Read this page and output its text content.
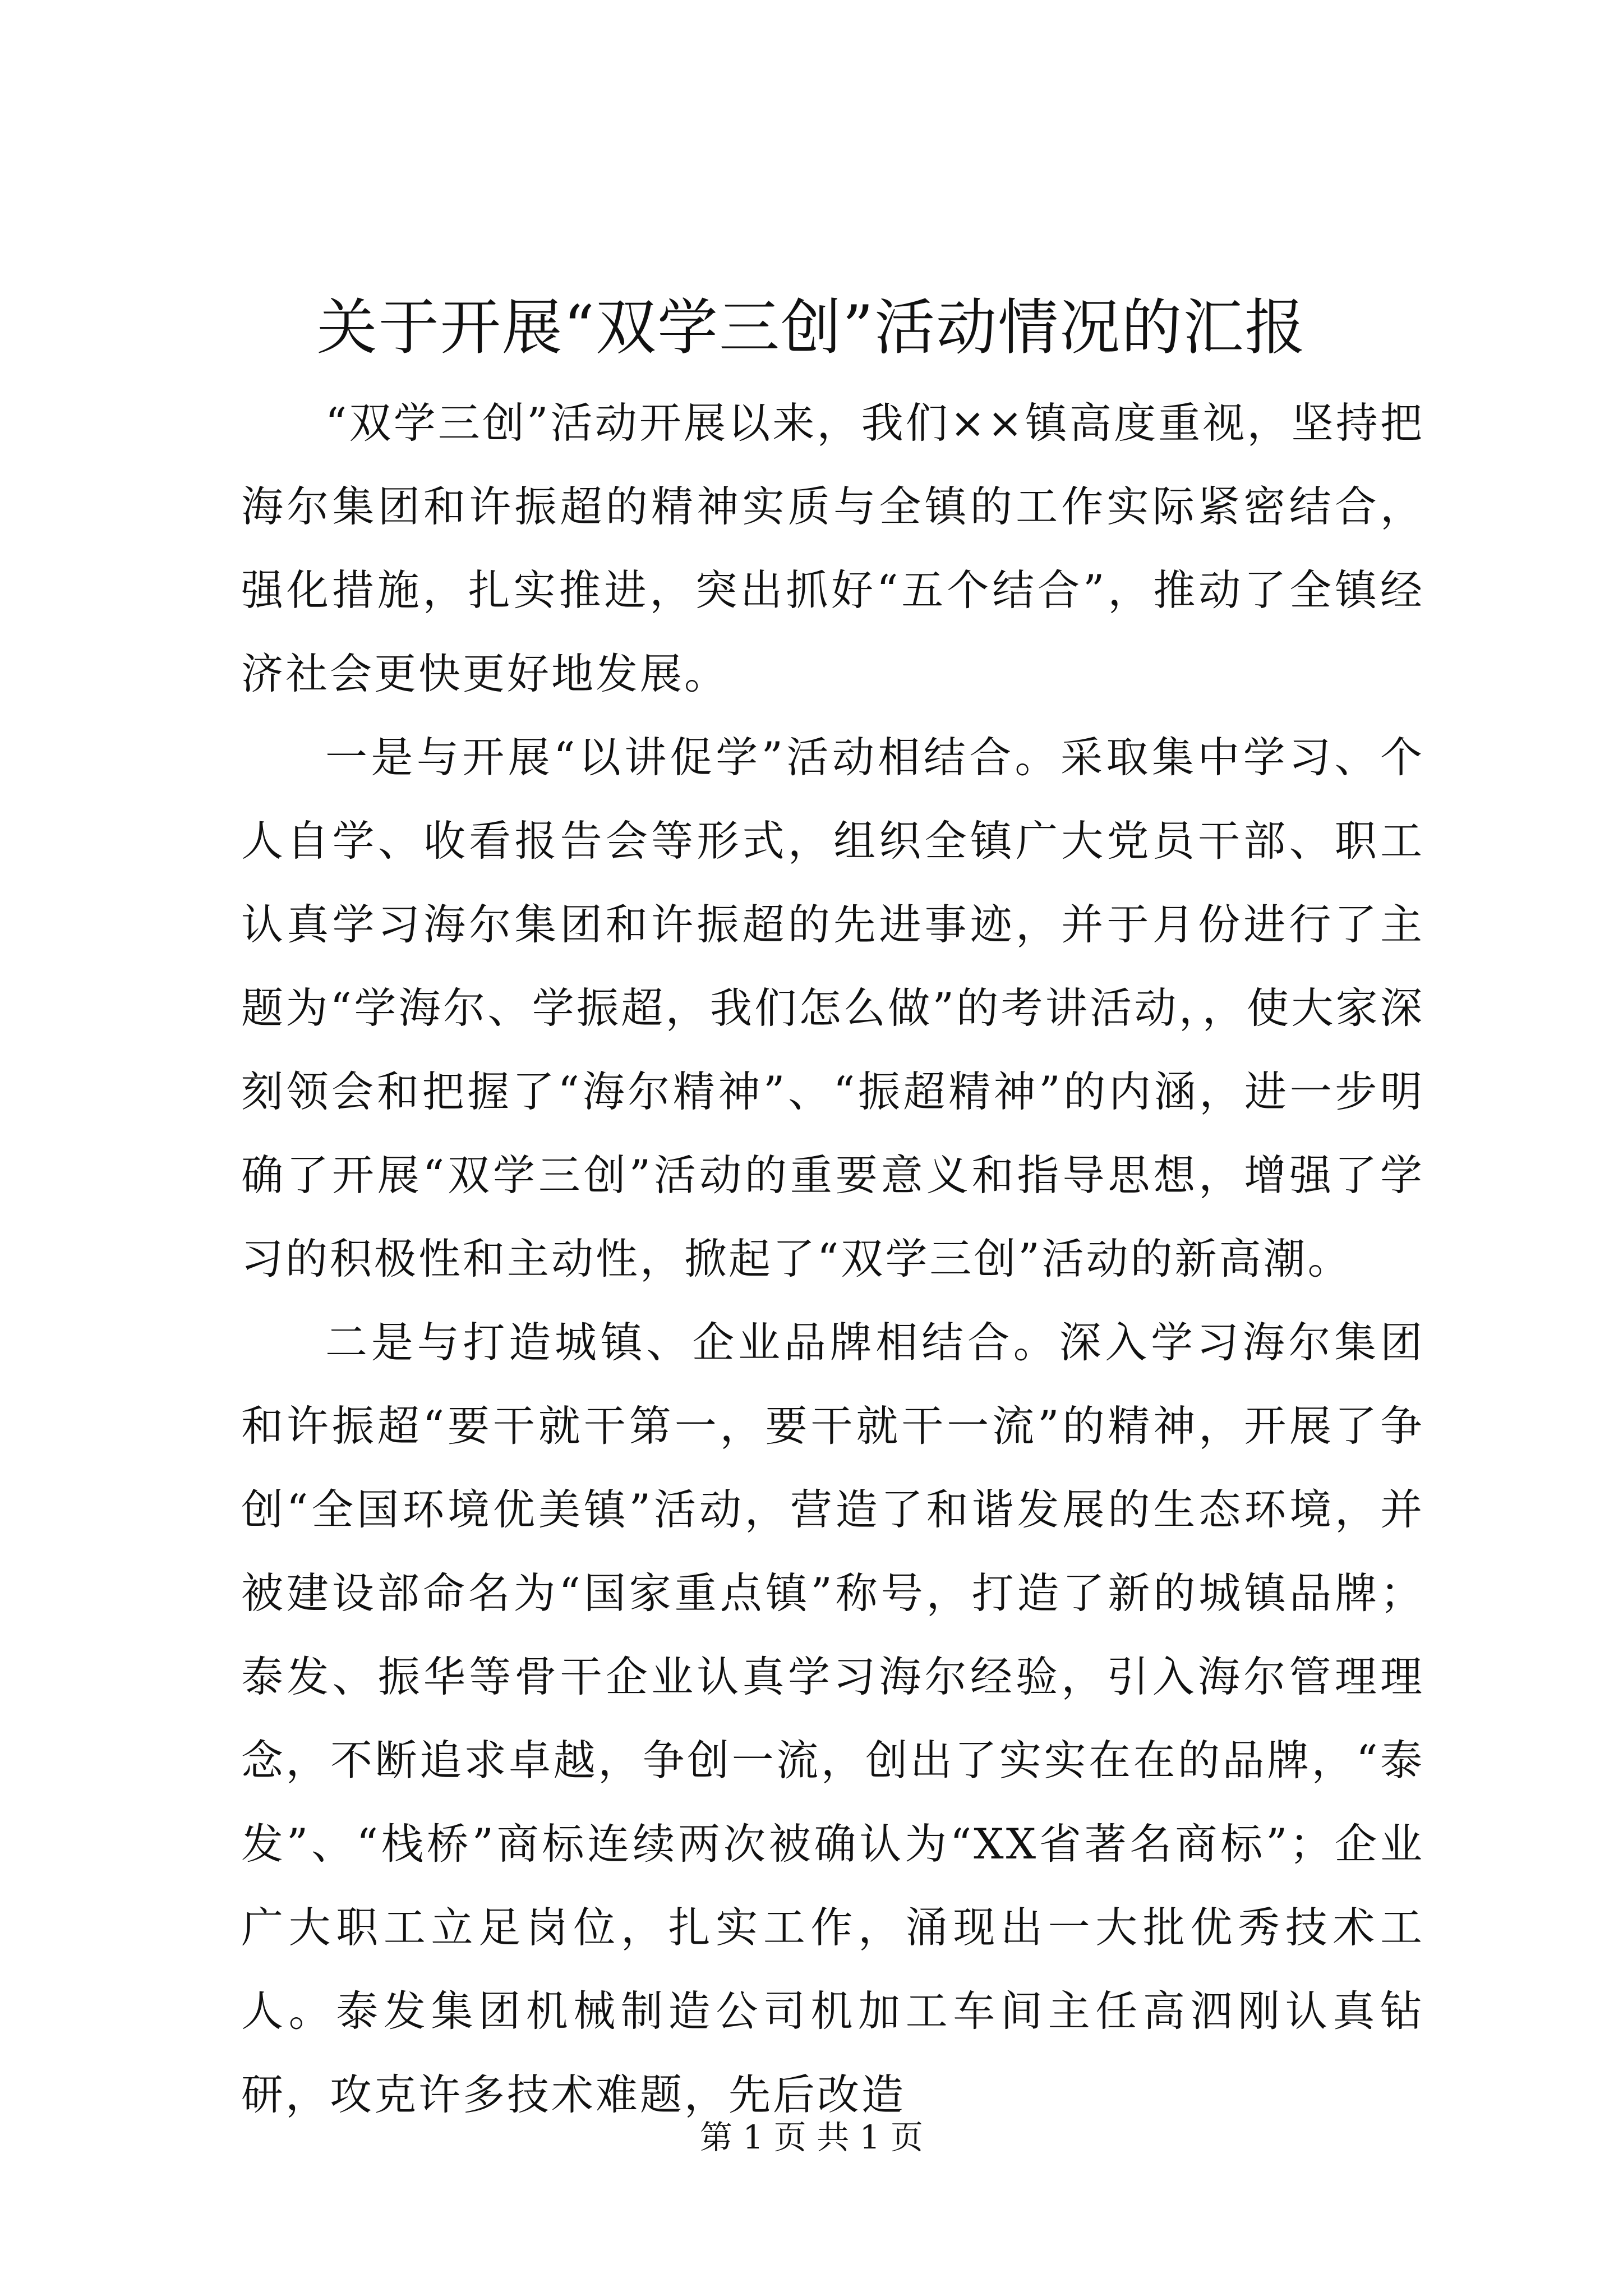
关于开展“双学三创”活动情况的汇报

“双学三创”活动开展以来，我们××镇高度重视，坚持把海尔集团和许振超的精神实质与全镇的工作实际紧密结合，强化措施，扎实推进，突出抓好“五个结合”，推动了全镇经济社会更快更好地发展。

一是与开展“以讲促学”活动相结合。采取集中学习、个人自学、收看报告会等形式，组织全镇广大党员干部、职工认真学习海尔集团和许振超的先进事迹，并于月份进行了主题为“学海尔、学振超，我们怎么做”的考讲活动，，使大家深刻领会和把握了“海尔精神”、“振超精神”的内涵，进一步明确了开展“双学三创”活动的重要意义和指导思想，增强了学习的积极性和主动性，掀起了“双学三创”活动的新高潮。

二是与打造城镇、企业品牌相结合。深入学习海尔集团和许振超“要干就干第一，要干就干一流”的精神，开展了争创“全国环境优美镇”活动，营造了和谐发展的生态环境，并被建设部命名为“国家重点镇”称号，打造了新的城镇品牌；泰发、振华等骨干企业认真学习海尔经验，引入海尔管理理念，不断追求卓越，争创一流，创出了实实在在的品牌，“泰发”、“栈桥”商标连续两次被确认为“XX省著名商标”；企业广大职工立足岗位，扎实工作，涌现出一大批优秀技术工人。泰发集团机械制造公司机加工车间主任高泗刚认真钻研，攻克许多技术难题，先后改造

第 1 页 共 1 页
